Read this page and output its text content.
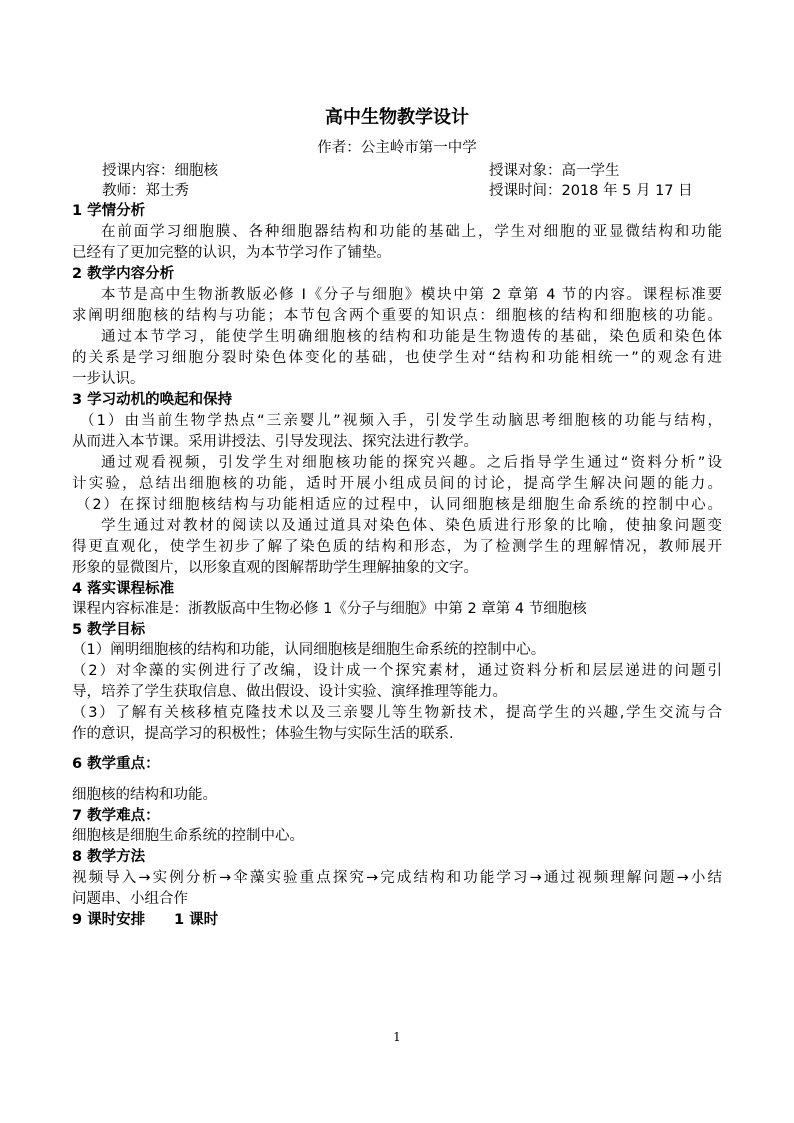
高中生物教学设计
作者：公主岭市第一中学
授课内容：细胞核	授课对象：高一学生
教师：郑士秀	授课时间：2018 年 5 月 17 日
1 学情分析
在前面学习细胞膜、各种细胞器结构和功能的基础上，学生对细胞的亚显微结构和功能
已经有了更加完整的认识，为本节学习作了铺垫。
2 教学内容分析
本节是高中生物浙教版必修 I《分子与细胞》模块中第 2 章第 4 节的内容。课程标准要
求阐明细胞核的结构与功能；本节包含两个重要的知识点：细胞核的结构和细胞核的功能。
通过本节学习，能使学生明确细胞核的结构和功能是生物遗传的基础，染色质和染色体
的关系是学习细胞分裂时染色体变化的基础，也使学生对“结构和功能相统一”的观念有进
一步认识。
3 学习动机的唤起和保持
（1）由当前生物学热点“三亲婴儿”视频入手，引发学生动脑思考细胞核的功能与结构，
从而进入本节课。采用讲授法、引导发现法、探究法进行教学。
通过观看视频，引发学生对细胞核功能的探究兴趣。之后指导学生通过“资料分析”设
计实验，总结出细胞核的功能，适时开展小组成员间的讨论，提高学生解决问题的能力。
（2）在探讨细胞核结构与功能相适应的过程中，认同细胞核是细胞生命系统的控制中心。
学生通过对教材的阅读以及通过道具对染色体、染色质进行形象的比喻，使抽象问题变
得更直观化，使学生初步了解了染色质的结构和形态，为了检测学生的理解情况，教师展开
形象的显微图片，以形象直观的图解帮助学生理解抽象的文字。
4 落实课程标准
课程内容标准是：浙教版高中生物必修 1《分子与细胞》中第 2 章第 4 节细胞核
5 教学目标
（1）阐明细胞核的结构和功能，认同细胞核是细胞生命系统的控制中心。
（2）对伞藻的实例进行了改编，设计成一个探究素材，通过资料分析和层层递进的问题引
导，培养了学生获取信息、做出假设、设计实验、演绎推理等能力。
（3）了解有关核移植克隆技术以及三亲婴儿等生物新技术，提高学生的兴趣,学生交流与合
作的意识，提高学习的积极性；体验生物与实际生活的联系.
6 教学重点：
细胞核的结构和功能。
7 教学难点：
细胞核是细胞生命系统的控制中心。
8 教学方法
视频导入→实例分析→伞藻实验重点探究→完成结构和功能学习→通过视频理解问题→小结
问题串、小组合作
9 课时安排 1 课时
1
